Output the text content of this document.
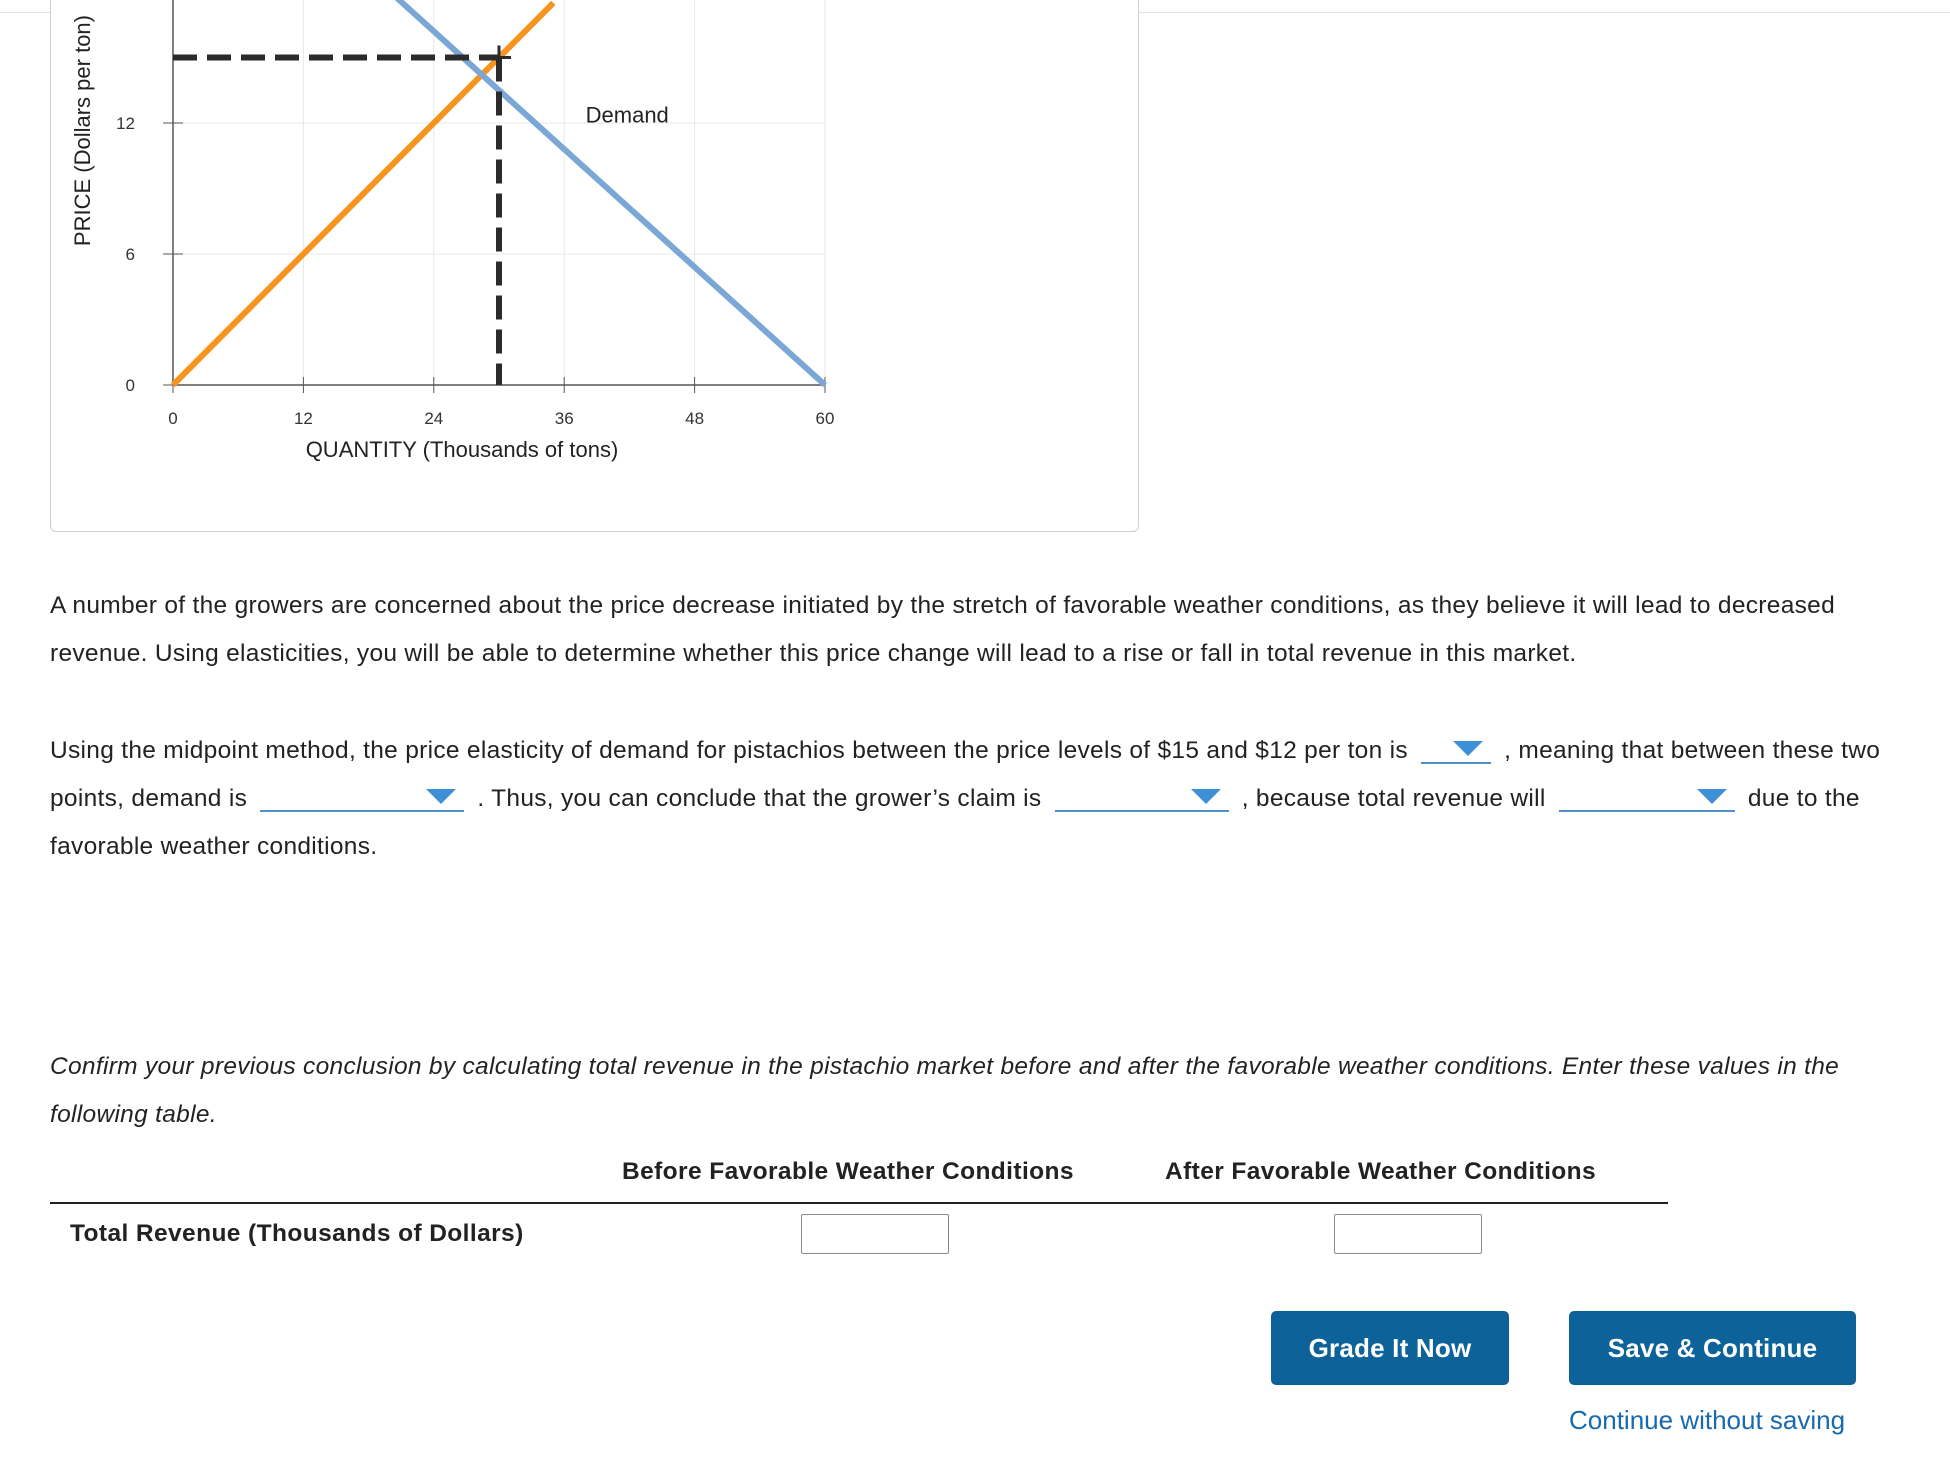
0
6
12
0	12	24	36	48	60
QUANTITY (Thousands of tons)
PRICE (Dollars per ton)	Demand
A number of the growers are concerned about the price decrease initiated by the stretch of favorable weather conditions, as they believe it will lead to decreased revenue. Using elasticities, you will be able to determine whether this price change will lead to a rise or fall in total revenue in this market.
Using the midpoint method, the price elasticity of demand for pistachios between the price levels of $15 and $12 per ton is	, meaning that between these two points, demand is	. Thus, you can conclude that the grower’s claim is	, because total revenue will	due to the favorable weather conditions.
Confirm your previous conclusion by calculating total revenue in the pistachio market before and after the favorable weather conditions. Enter these values in the following table.
Before Favorable Weather Conditions	After Favorable Weather Conditions
Total Revenue (Thousands of Dollars)
Grade It Now	Save & Continue
Continue without saving
